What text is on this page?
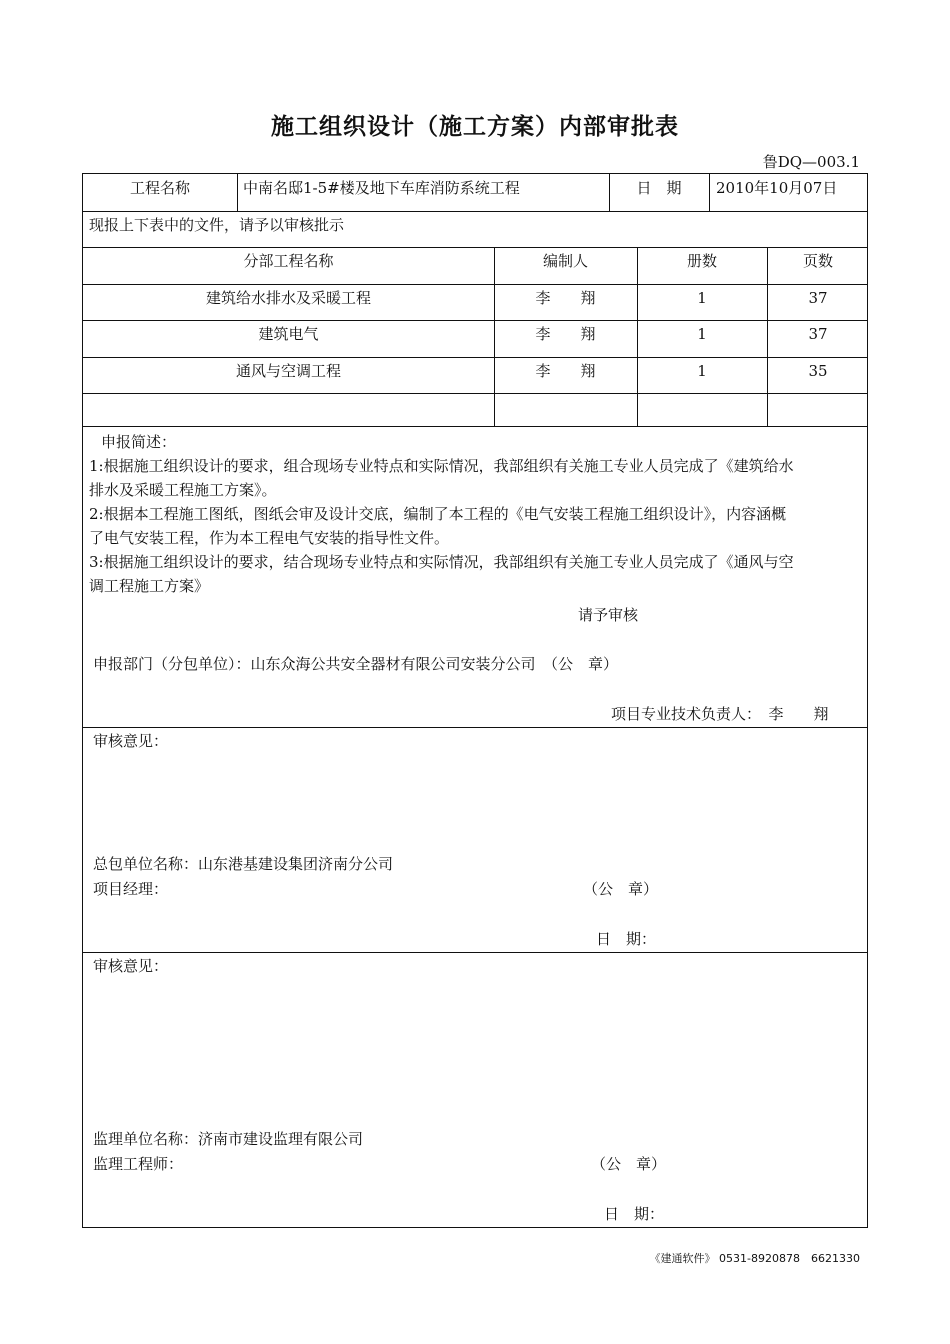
施工组织设计（施工方案）内部审批表
鲁DQ—003.1
工程名称	中南名邸1-5#楼及地下车库消防系统工程	日　期	2010年10月07日
现报上下表中的文件，请予以审核批示
分部工程名称	编制人	册数	页数
建筑给水排水及采暖工程	李　　翔	1	37
建筑电气	李　　翔	1	37
通风与空调工程	李　　翔	1	35
申报简述：
1:根据施工组织设计的要求，组合现场专业特点和实际情况，我部组织有关施工专业人员完成了《建筑给水
排水及采暖工程施工方案》。
2:根据本工程施工图纸，图纸会审及设计交底，编制了本工程的《电气安装工程施工组织设计》，内容涵概
了电气安装工程，作为本工程电气安装的指导性文件。
3:根据施工组织设计的要求，结合现场专业特点和实际情况，我部组织有关施工专业人员完成了《通风与空
调工程施工方案》
请予审核
申报部门（分包单位）：山东众海公共安全器材有限公司安装分公司　（公　章）
项目专业技术负责人：　李　　翔
审核意见：
总包单位名称：山东港基建设集团济南分公司
项目经理：	（公　章）
日　期：
审核意见：
监理单位名称：济南市建设监理有限公司
监理工程师：	（公　章）
日　期：
《建通软件》 0531-8920878　6621330
